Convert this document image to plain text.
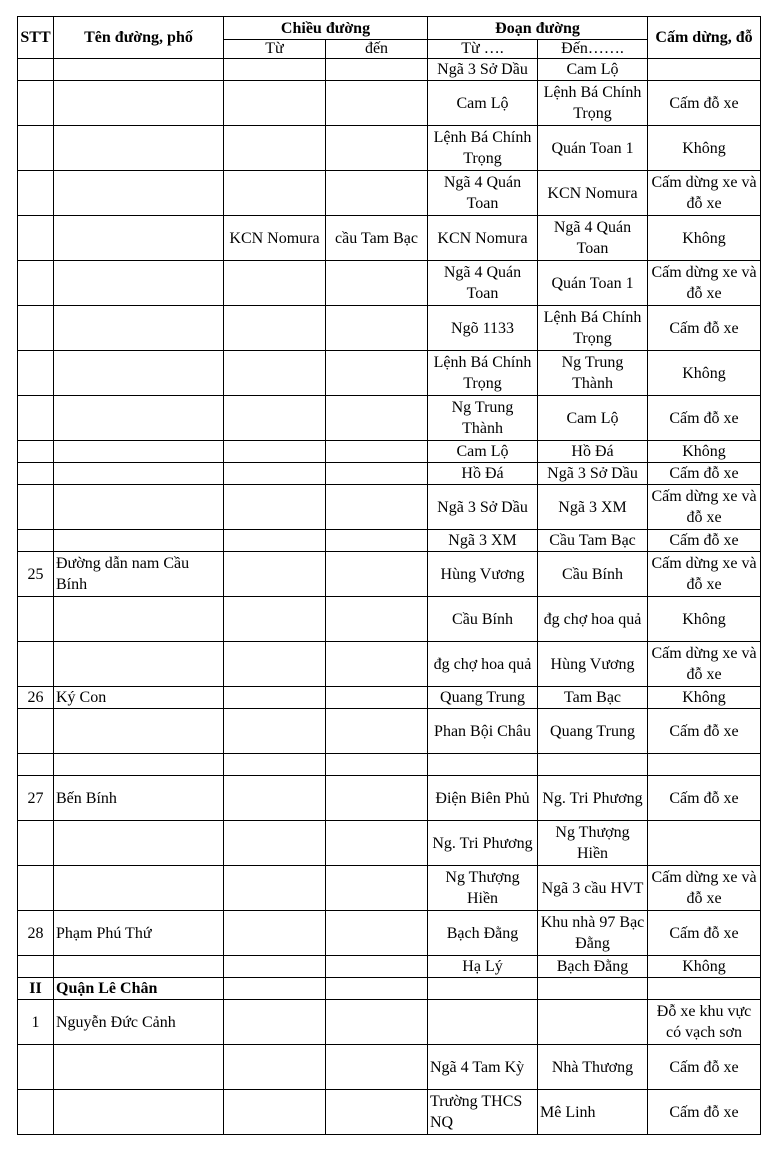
STT	Tên đường, phố	Chiều đường		Đoạn đường		Cấm dừng, đỗ
		Từ	đến	Từ ….	Đến…….	
				Ngã 3 Sở Dầu	Cam Lộ	
				Cam Lộ	Lệnh Bá Chính Trọng	Cấm đỗ xe
				Lệnh Bá Chính Trọng	Quán Toan 1	Không
				Ngã 4 Quán Toan	KCN Nomura	Cấm dừng xe và đỗ xe
		KCN Nomura	cầu Tam Bạc	KCN Nomura	Ngã 4 Quán Toan	Không
				Ngã 4 Quán Toan	Quán Toan 1	Cấm dừng xe và đỗ xe
				Ngõ 1133	Lệnh Bá Chính Trọng	Cấm đỗ xe
				Lệnh Bá Chính Trọng	Ng Trung Thành	Không
				Ng Trung Thành	Cam Lộ	Cấm đỗ xe
				Cam Lộ	Hồ Đá	Không
				Hồ Đá	Ngã 3 Sở Dầu	Cấm đỗ xe
				Ngã 3 Sở Dầu	Ngã 3 XM	Cấm dừng xe và đỗ xe
				Ngã 3 XM	Cầu Tam Bạc	Cấm đỗ xe
25	Đường dẫn nam Cầu Bính			Hùng Vương	Cầu Bính	Cấm dừng xe và đỗ xe
				Cầu Bính	đg chợ hoa quả	Không
				đg chợ hoa quả	Hùng Vương	Cấm dừng xe và đỗ xe
26	Ký Con			Quang Trung	Tam Bạc	Không
				Phan Bội Châu	Quang Trung	Cấm đỗ xe

27	Bến Bính			Điện Biên Phủ	Ng. Tri Phương	Cấm đỗ xe
				Ng. Tri Phương	Ng Thượng Hiền	
				Ng Thượng Hiền	Ngã 3 cầu HVT	Cấm dừng xe và đỗ xe
28	Phạm Phú Thứ			Bạch Đằng	Khu nhà 97 Bạc Đằng	Cấm đỗ xe
				Hạ Lý	Bạch Đằng	Không
II	Quận Lê Chân					
1	Nguyễn Đức Cảnh					Đỗ xe khu vực có vạch sơn
				Ngã 4 Tam Kỳ	Nhà Thương	Cấm đỗ xe
				Trường THCS NQ	Mê Linh	Cấm đỗ xe
